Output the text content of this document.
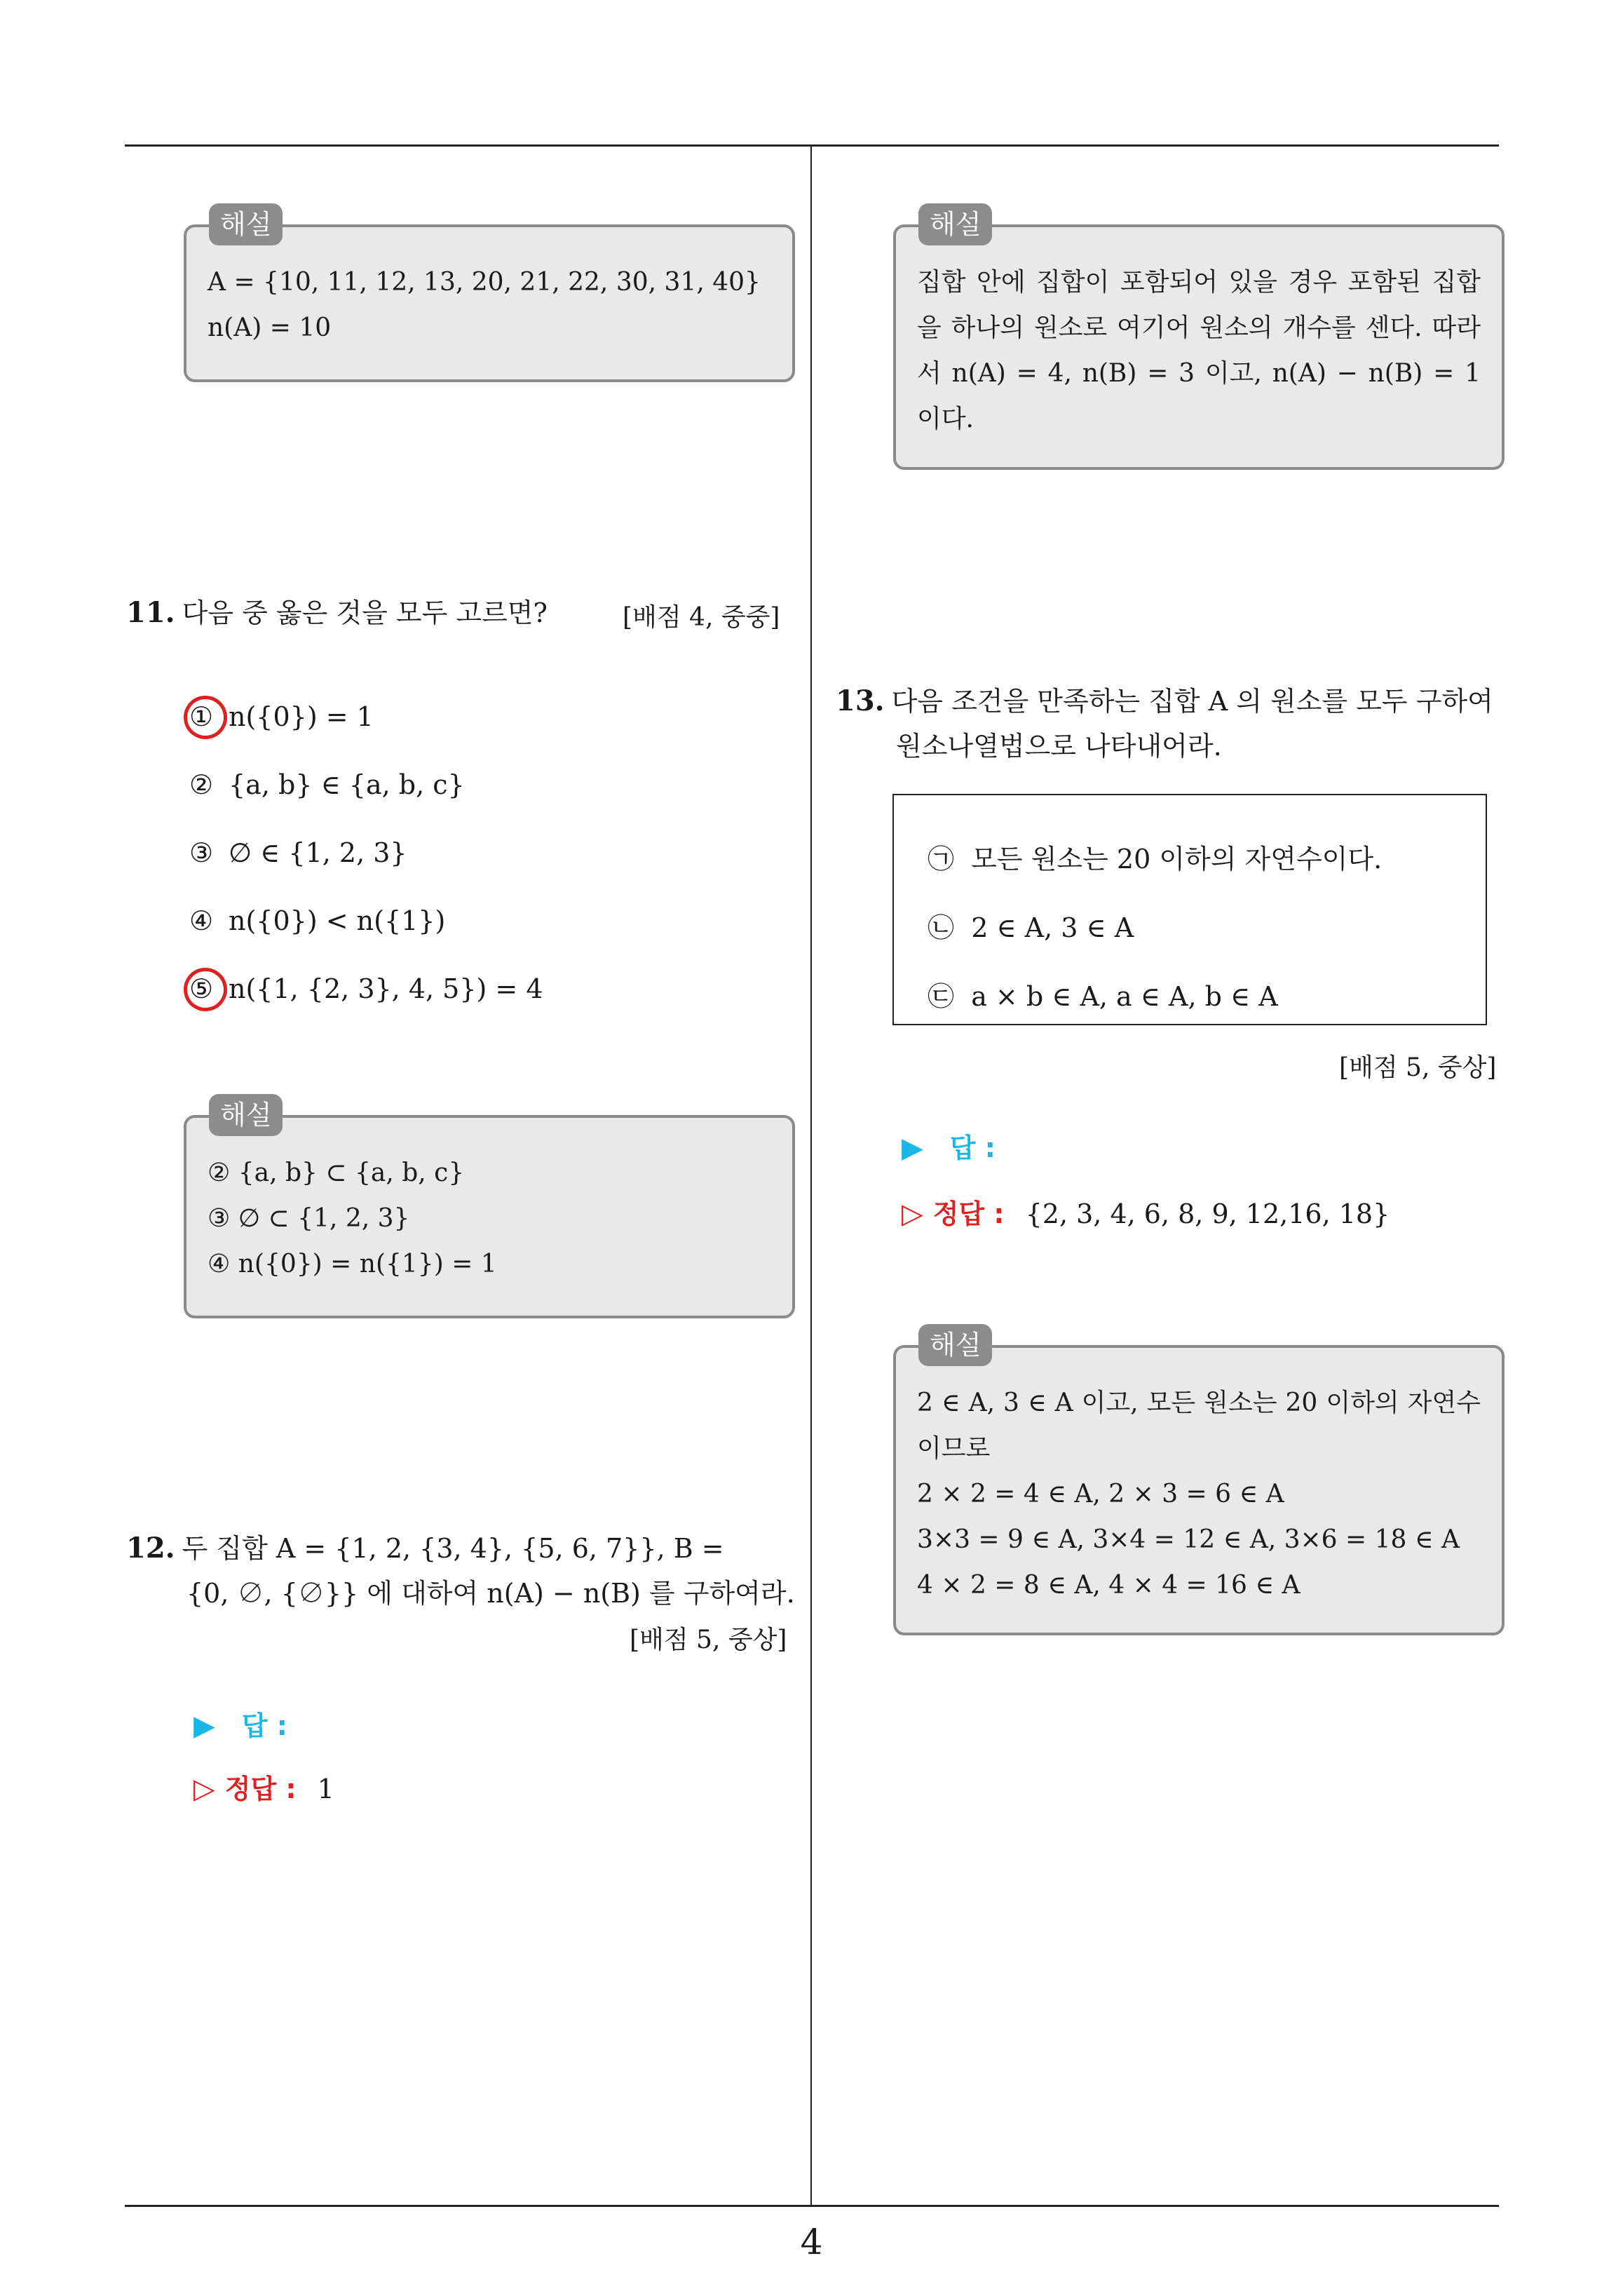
4
해설

A = {10, 11, 12, 13, 20, 21, 22, 30, 31, 40}

n(A) = 10

11. 다음 중 옳은 것을 모두 고르면?	[배점 4, 중중]
① n({0}) = 1
② {a, b} ∈ {a, b, c}
③ ∅ ∈ {1, 2, 3}
④ n({0}) < n({1})
⑤ n({1, {2, 3}, 4, 5}) = 4
해설

② {a, b} ⊂ {a, b, c}

③ ∅ ⊂ {1, 2, 3}

④ n({0}) = n({1}) = 1

12. 두 집합 A = {1, 2, {3, 4}, {5, 6, 7}}, B =
{0, ∅, {∅}} 에 대하여 n(A) − n(B) 를 구하여라.
[배점 5, 중상]
▶ 답 :
▷ 정답 : 1
해설

집합 안에 집합이 포함되어 있을 경우 포함된 집합을 하나의 원소로 여기어 원소의 개수를 센다. 따라서 n(A) = 4, n(B) = 3 이고, n(A) − n(B) = 1 이다.

13. 다음 조건을 만족하는 집합 A 의 원소를 모두 구하여
원소나열법으로 나타내어라.
㉠ 모든 원소는 20 이하의 자연수이다.
㉡ 2 ∈ A, 3 ∈ A
㉢ a × b ∈ A, a ∈ A, b ∈ A
[배점 5, 중상]
▶ 답 :
▷ 정답 : {2, 3, 4, 6, 8, 9, 12,16, 18}
해설

2 ∈ A, 3 ∈ A 이고, 모든 원소는 20 이하의 자연수이므로

2 × 2 = 4 ∈ A, 2 × 3 = 6 ∈ A

3×3 = 9 ∈ A, 3×4 = 12 ∈ A, 3×6 = 18 ∈ A

4 × 2 = 8 ∈ A, 4 × 4 = 16 ∈ A
